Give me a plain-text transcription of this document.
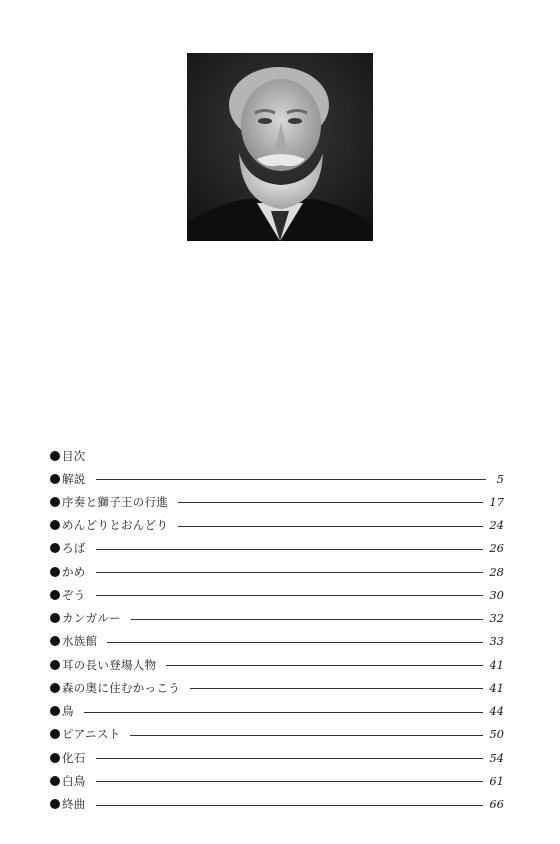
目次
解説	5
序奏と獅子王の行進	17
めんどりとおんどり	24
ろば	26
かめ	28
ぞう	30
カンガルー	32
水族館	33
耳の長い登場人物	41
森の奥に住むかっこう	41
鳥	44
ピアニスト	50
化石	54
白鳥	61
終曲	66
